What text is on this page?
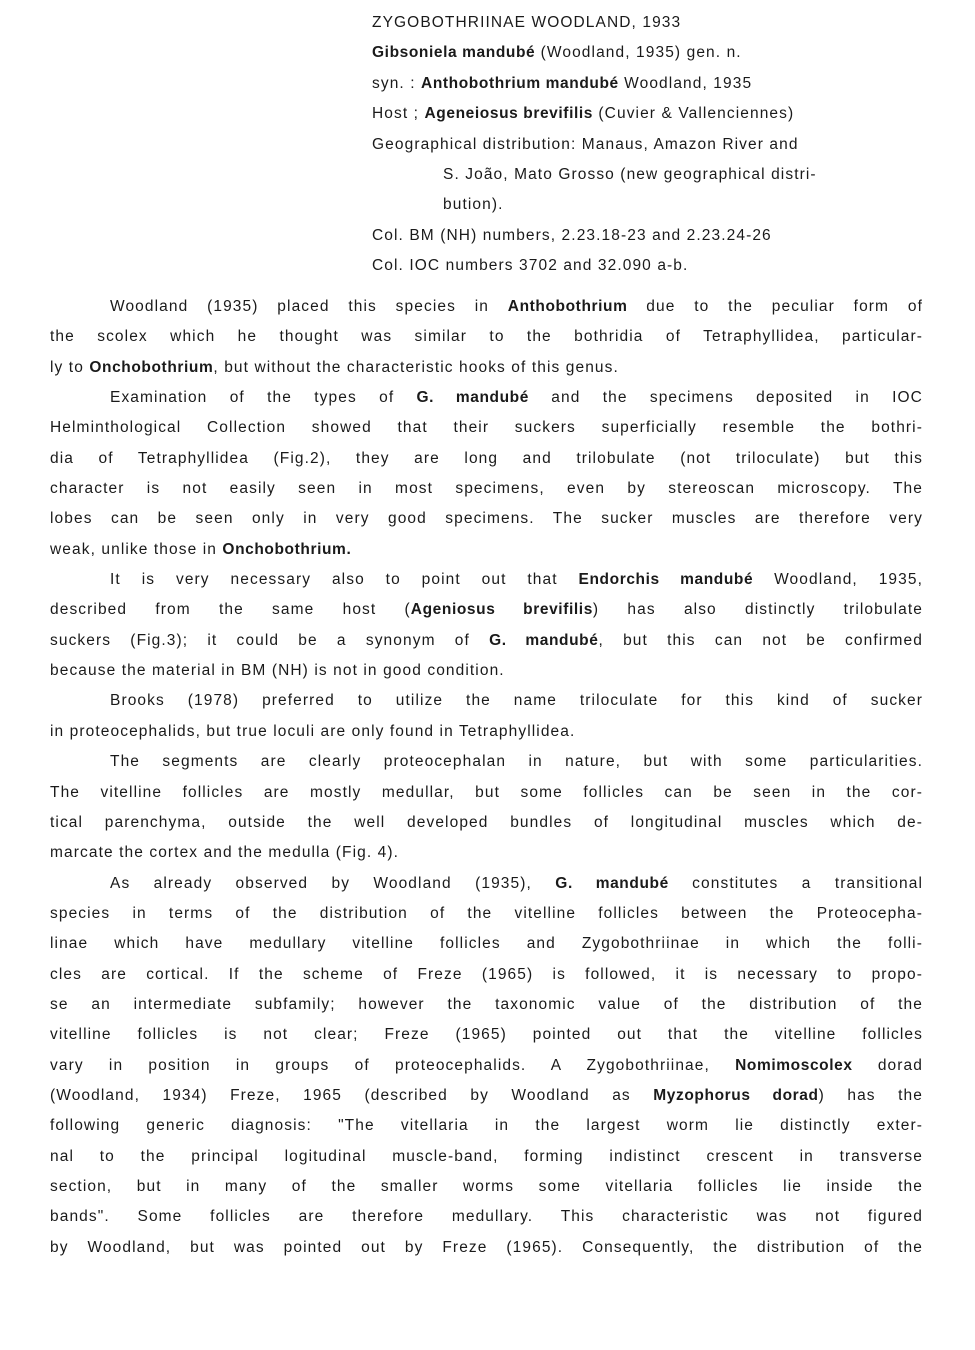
ZYGOBOTHRIINAE WOODLAND, 1933
Gibsoniela mandubé (Woodland, 1935) gen. n.
syn. : Anthobothrium mandubé Woodland, 1935
Host ; Ageneiosus brevifilis (Cuvier & Vallenciennes)
Geographical distribution: Manaus, Amazon River and
S. João, Mato Grosso (new geographical distri-
bution).
Col. BM (NH) numbers, 2.23.18-23 and 2.23.24-26
Col. IOC numbers 3702 and 32.090 a-b.
Woodland (1935) placed this species in Anthobothrium due to the peculiar form of
the scolex which he thought was similar to the bothridia of Tetraphyllidea, particular-
ly to Onchobothrium, but without the characteristic hooks of this genus.
Examination of the types of G. mandubé and the specimens deposited in IOC
Helminthological Collection showed that their suckers superficially resemble the bothri-
dia of Tetraphyllidea (Fig.2), they are long and trilobulate (not triloculate) but this
character is not easily seen in most specimens, even by stereoscan microscopy. The
lobes can be seen only in very good specimens. The sucker muscles are therefore very
weak, unlike those in Onchobothrium.
It is very necessary also to point out that Endorchis mandubé Woodland, 1935,
described from the same host (Ageniosus brevifilis) has also distinctly trilobulate
suckers (Fig.3); it could be a synonym of G. mandubé, but this can not be confirmed
because the material in BM (NH) is not in good condition.
Brooks (1978) preferred to utilize the name triloculate for this kind of sucker
in proteocephalids, but true loculi are only found in Tetraphyllidea.
The segments are clearly proteocephalan in nature, but with some particularities.
The vitelline follicles are mostly medullar, but some follicles can be seen in the cor-
tical parenchyma, outside the well developed bundles of longitudinal muscles which de-
marcate the cortex and the medulla (Fig. 4).
As already observed by Woodland (1935), G. mandubé constitutes a transitional
species in terms of the distribution of the vitelline follicles between the Proteocepha-
linae which have medullary vitelline follicles and Zygobothriinae in which the folli-
cles are cortical. If the scheme of Freze (1965) is followed, it is necessary to propo-
se an intermediate subfamily; however the taxonomic value of the distribution of the
vitelline follicles is not clear; Freze (1965) pointed out that the vitelline follicles
vary in position in groups of proteocephalids. A Zygobothriinae, Nomimoscolex dorad
(Woodland, 1934) Freze, 1965 (described by Woodland as Myzophorus dorad) has the
following generic diagnosis: "The vitellaria in the largest worm lie distinctly exter-
nal to the principal logitudinal muscle-band, forming indistinct crescent in transverse
section, but in many of the smaller worms some vitellaria follicles lie inside the
bands". Some follicles are therefore medullary. This characteristic was not figured
by Woodland, but was pointed out by Freze (1965). Consequently, the distribution of the
